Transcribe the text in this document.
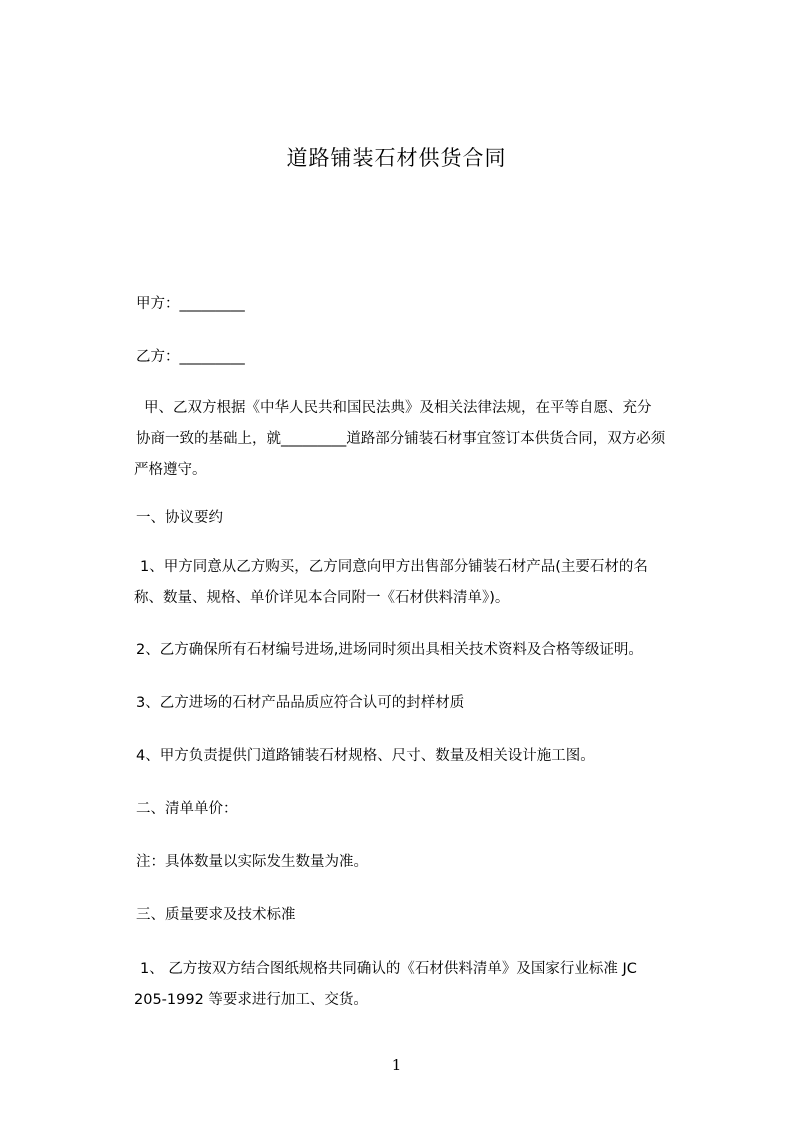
道路铺装石材供货合同
甲方：_________
乙方：_________
甲、乙双方根据《中华人民共和国民法典》及相关法律法规，在平等自愿、充分
协商一致的基础上，就_________道路部分铺装石材事宜签订本供货合同，双方必须
严格遵守。
一、协议要约
1、甲方同意从乙方购买，乙方同意向甲方出售部分铺装石材产品(主要石材的名
称、数量、规格、单价详见本合同附一《石材供料清单》)。
2、乙方确保所有石材编号进场,进场同时须出具相关技术资料及合格等级证明。
3、乙方进场的石材产品品质应符合认可的封样材质
4、甲方负责提供门道路铺装石材规格、尺寸、数量及相关设计施工图。
二、清单单价：
注：具体数量以实际发生数量为准。
三、质量要求及技术标准
1、 乙方按双方结合图纸规格共同确认的《石材供料清单》及国家行业标准 JC
205-1992 等要求进行加工、交货。
1
